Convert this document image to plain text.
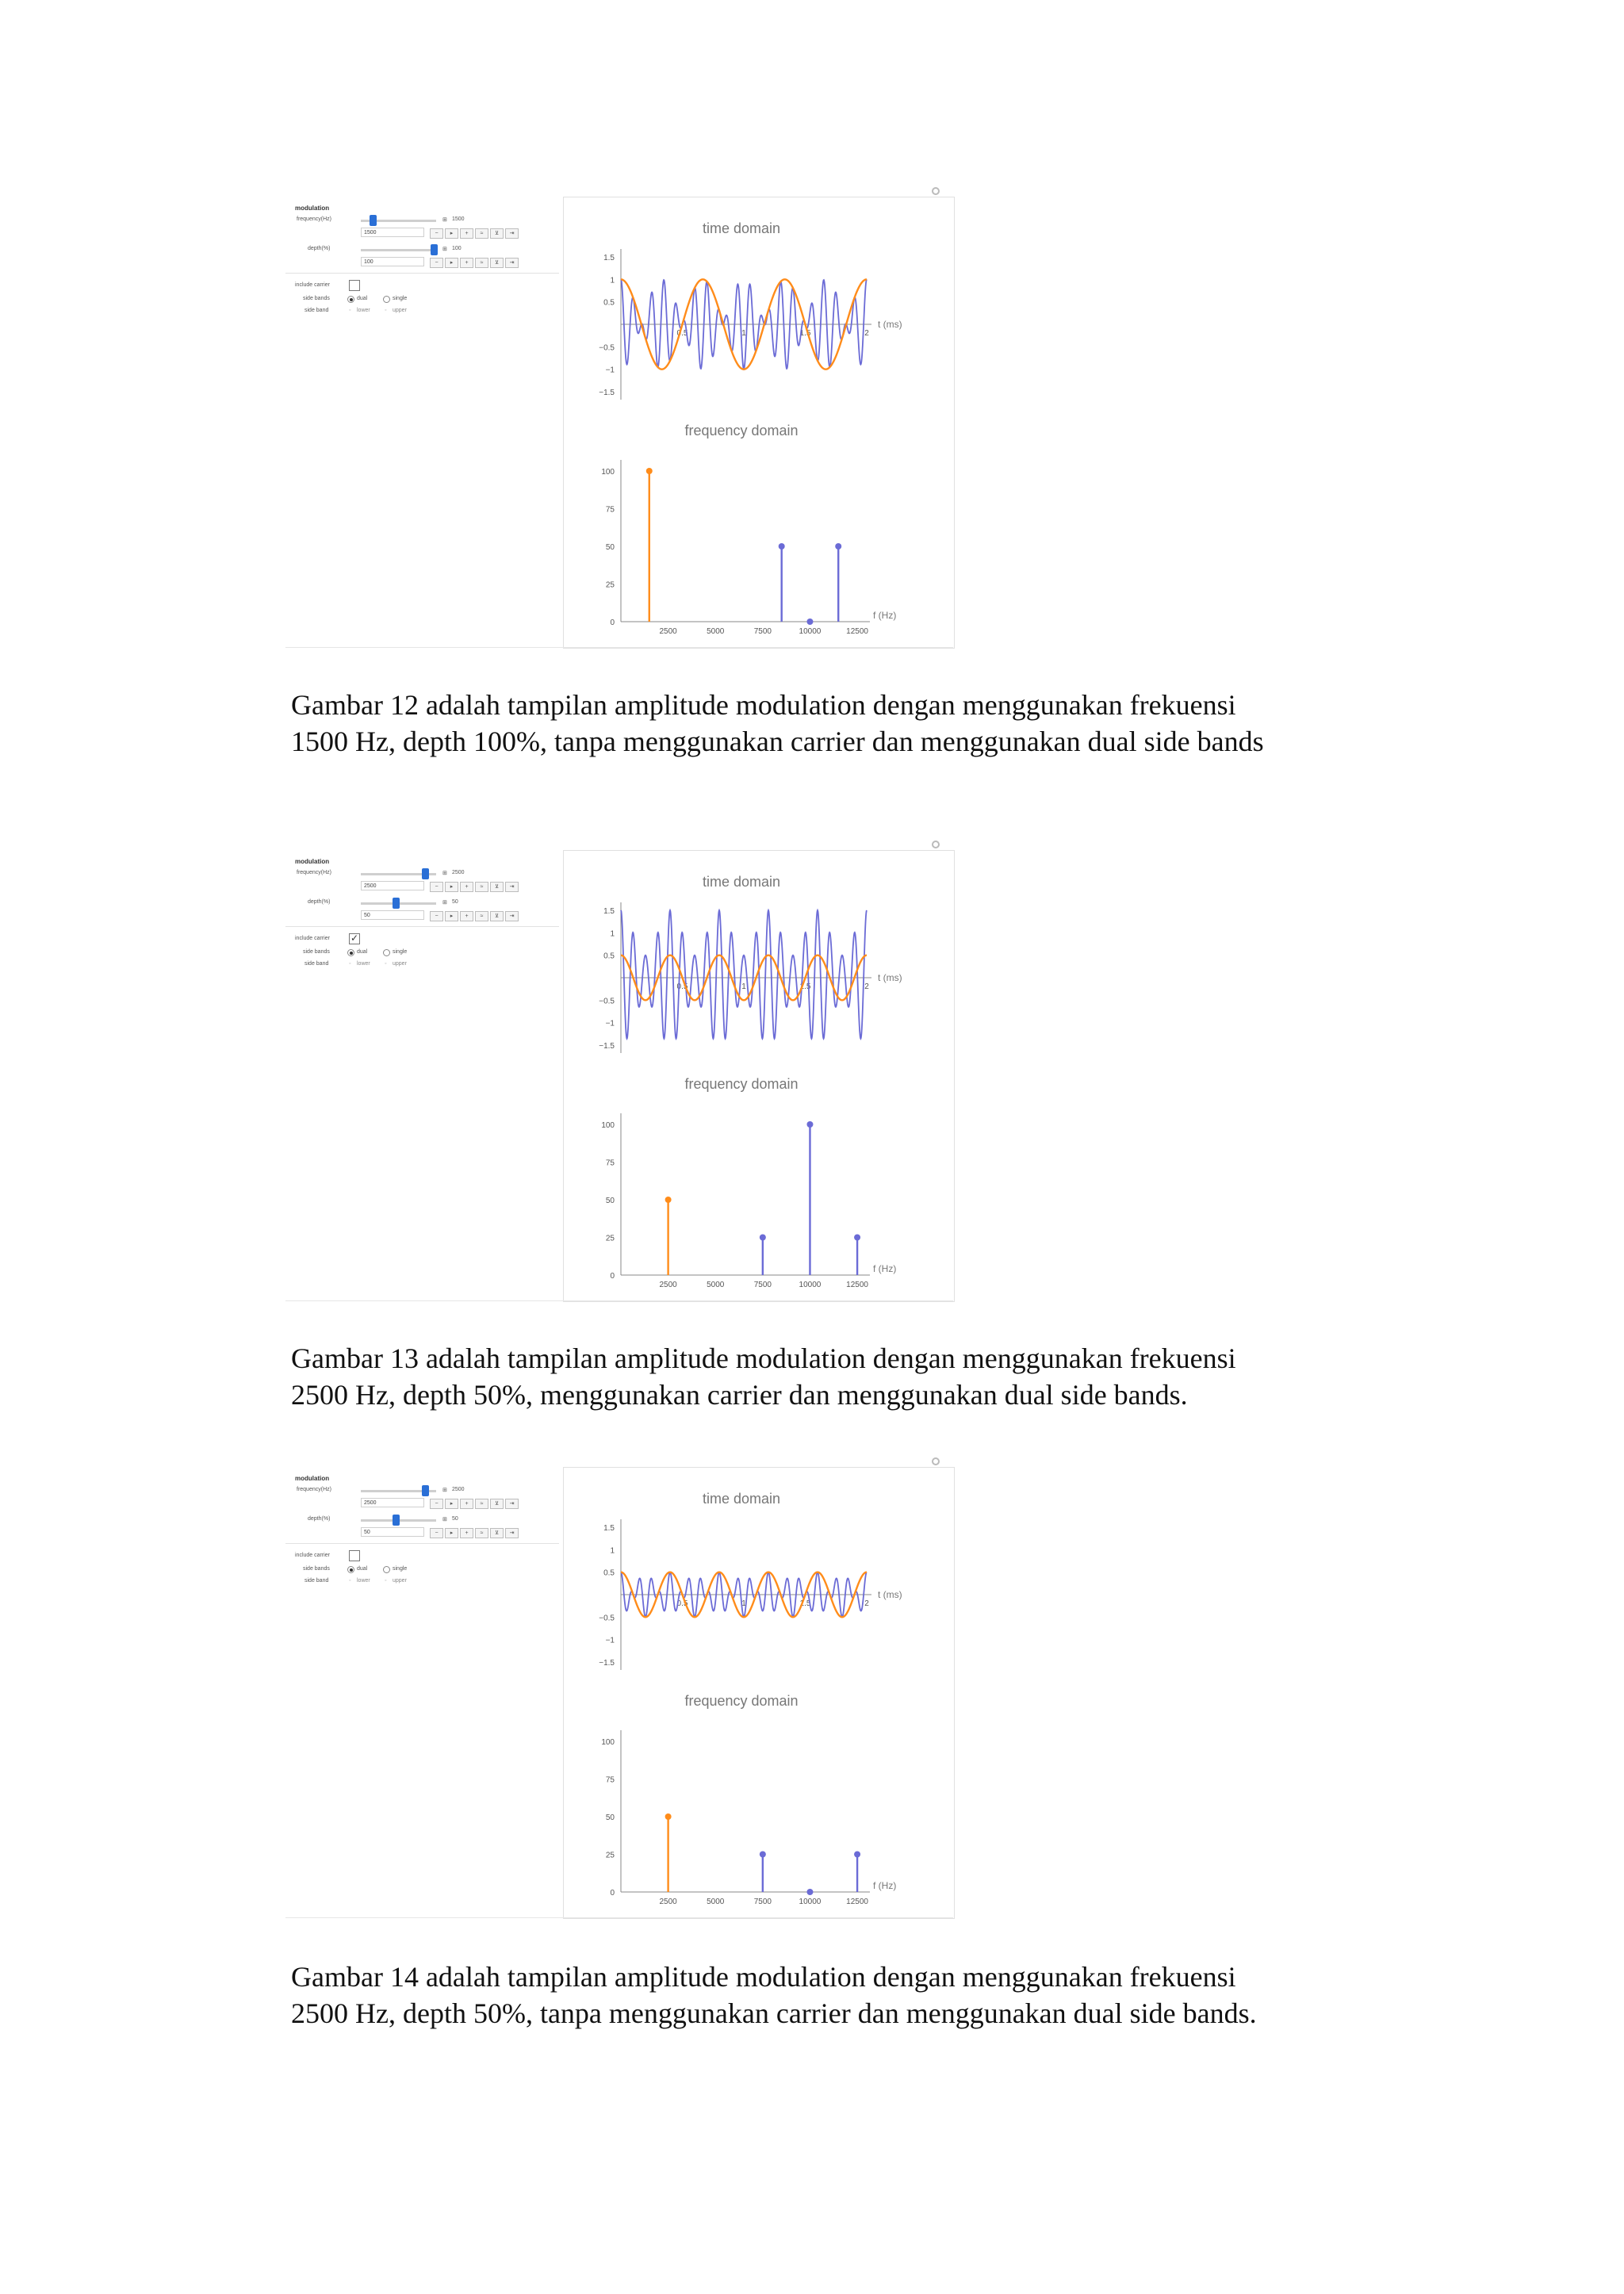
modulation
frequency(Hz)	⊞ 1500
1500	−	▸	+	≈	⊻	⇥
depth(%)	⊞ 100
100	−	▸	+	≈	⊻	⇥
include carrier
side bands	dual	single
side band	◦ lower	◦ upper
time domain
1.5
1
0.5
−0.5
−1
−1.5
0.5	1	1.5	2
t (ms)
frequency domain
100
75
50
25
0
2500	5000	7500	10000	12500
f (Hz)

Gambar 12 adalah tampilan amplitude modulation dengan menggunakan frekuensi

1500 Hz, depth 100%, tanpa menggunakan carrier dan menggunakan dual side bands

modulation
frequency(Hz)	⊞ 2500
2500	−	▸	+	≈	⊻	⇥
depth(%)	⊞ 50
50	−	▸	+	≈	⊻	⇥
include carrier ✓
side bands	dual	single
side band	◦ lower	◦ upper
time domain
1.5
1
0.5
−0.5
−1
−1.5
0.5	1	1.5	2
t (ms)
frequency domain
100
75
50
25
0
2500	5000	7500	10000	12500
f (Hz)

Gambar 13 adalah tampilan amplitude modulation dengan menggunakan frekuensi

2500 Hz, depth 50%, menggunakan carrier dan menggunakan dual side bands.

modulation
frequency(Hz)	⊞ 2500
2500	−	▸	+	≈	⊻	⇥
depth(%)	⊞ 50
50	−	▸	+	≈	⊻	⇥
include carrier
side bands	dual	single
side band	◦ lower	◦ upper
time domain
1.5
1
0.5
−0.5
−1
−1.5
0.5	1	1.5	2
t (ms)
frequency domain
100
75
50
25
0
2500	5000	7500	10000	12500
f (Hz)

Gambar 14 adalah tampilan amplitude modulation dengan menggunakan frekuensi

2500 Hz, depth 50%, tanpa menggunakan carrier dan menggunakan dual side bands.
